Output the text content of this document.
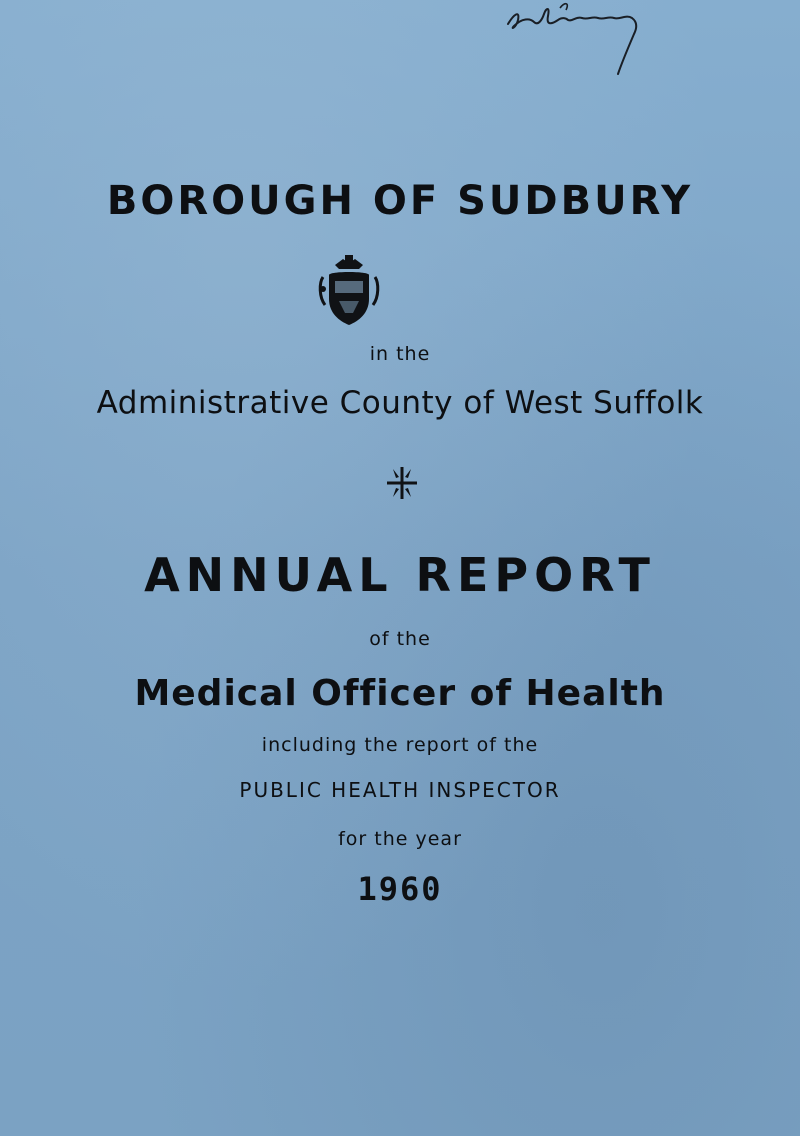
BOROUGH OF SUDBURY
in the
Administrative County of West Suffolk
ANNUAL REPORT
of the
Medical Officer of Health
including the report of the
PUBLIC HEALTH INSPECTOR
for the year
1960
